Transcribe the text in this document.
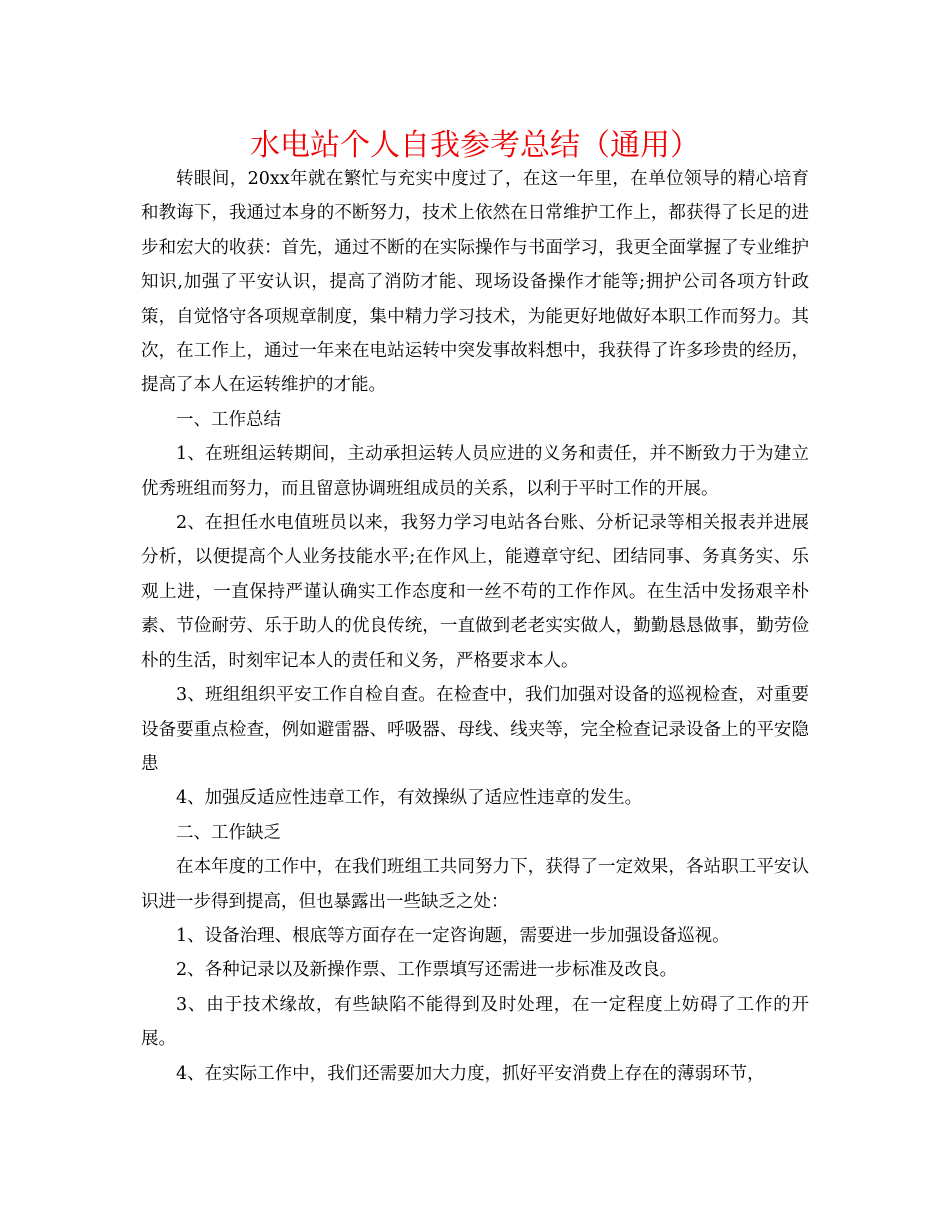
水电站个人自我参考总结（通用）

转眼间，20xx年就在繁忙与充实中度过了，在这一年里，在单位领导的精心培育和教诲下，我通过本身的不断努力，技术上依然在日常维护工作上，都获得了长足的进步和宏大的收获：首先，通过不断的在实际操作与书面学习，我更全面掌握了专业维护知识,加强了平安认识，提高了消防才能、现场设备操作才能等;拥护公司各项方针政策，自觉恪守各项规章制度，集中精力学习技术，为能更好地做好本职工作而努力。其次，在工作上，通过一年来在电站运转中突发事故料想中，我获得了许多珍贵的经历，提高了本人在运转维护的才能。

一、工作总结

1、在班组运转期间，主动承担运转人员应进的义务和责任，并不断致力于为建立优秀班组而努力，而且留意协调班组成员的关系，以利于平时工作的开展。

2、在担任水电值班员以来，我努力学习电站各台账、分析记录等相关报表并进展分析，以便提高个人业务技能水平;在作风上，能遵章守纪、团结同事、务真务实、乐观上进，一直保持严谨认确实工作态度和一丝不苟的工作作风。在生活中发扬艰辛朴素、节俭耐劳、乐于助人的优良传统，一直做到老老实实做人，勤勤恳恳做事，勤劳俭朴的生活，时刻牢记本人的责任和义务，严格要求本人。

3、班组组织平安工作自检自查。在检查中，我们加强对设备的巡视检查，对重要设备要重点检查，例如避雷器、呼吸器、母线、线夹等，完全检查记录设备上的平安隐患

4、加强反适应性违章工作，有效操纵了适应性违章的发生。

二、工作缺乏

在本年度的工作中，在我们班组工共同努力下，获得了一定效果，各站职工平安认识进一步得到提高，但也暴露出一些缺乏之处：

1、设备治理、根底等方面存在一定咨询题，需要进一步加强设备巡视。

2、各种记录以及新操作票、工作票填写还需进一步标准及改良。

3、由于技术缘故，有些缺陷不能得到及时处理，在一定程度上妨碍了工作的开展。

4、在实际工作中，我们还需要加大力度，抓好平安消费上存在的薄弱环节，
